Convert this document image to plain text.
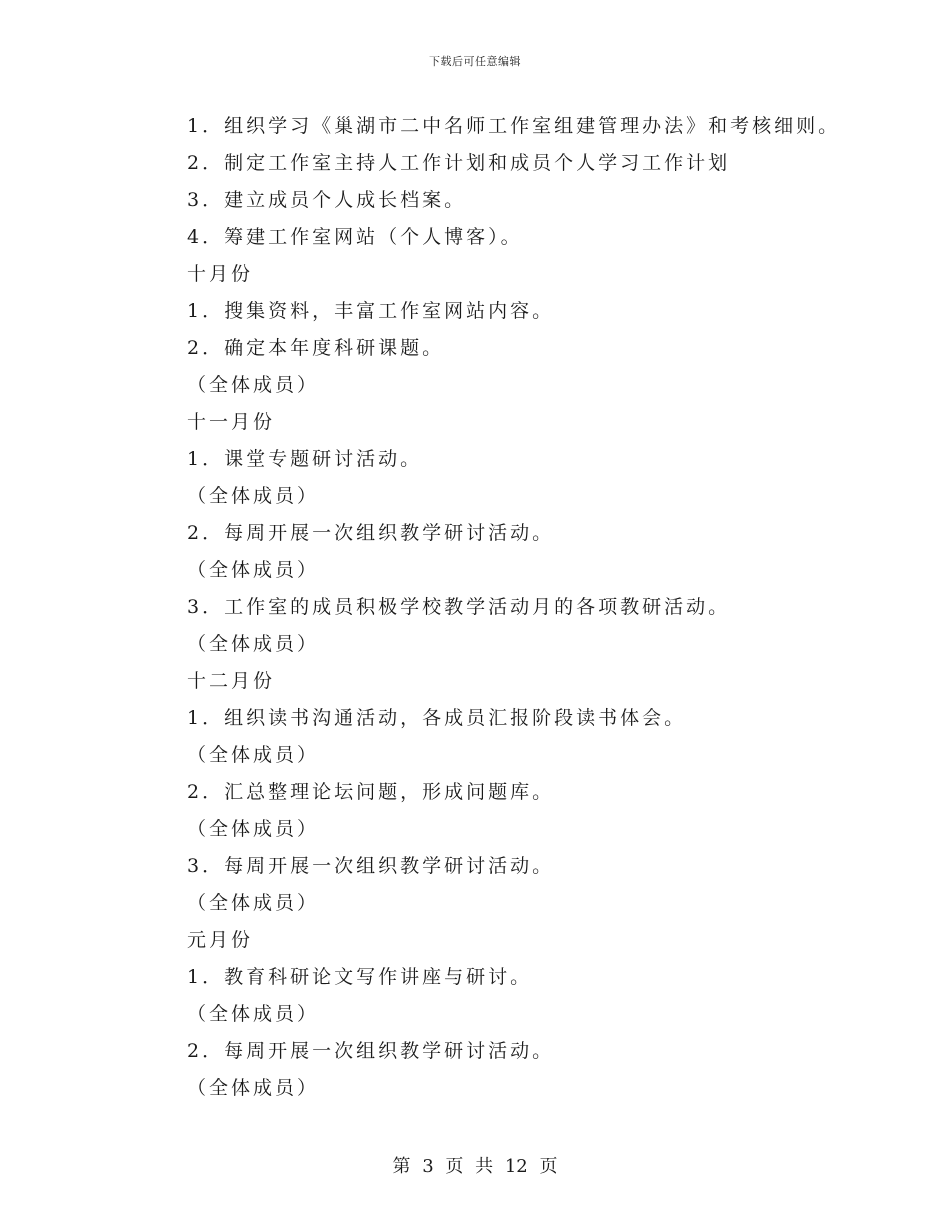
下载后可任意编辑
1．组织学习《巢湖市二中名师工作室组建管理办法》和考核细则。
2．制定工作室主持人工作计划和成员个人学习工作计划
3．建立成员个人成长档案。
4．筹建工作室网站（个人博客）。
十月份
1．搜集资料，丰富工作室网站内容。
2．确定本年度科研课题。
（全体成员）
十一月份
1．课堂专题研讨活动。
（全体成员）
2．每周开展一次组织教学研讨活动。
（全体成员）
3．工作室的成员积极学校教学活动月的各项教研活动。
（全体成员）
十二月份
1．组织读书沟通活动，各成员汇报阶段读书体会。
（全体成员）
2．汇总整理论坛问题，形成问题库。
（全体成员）
3．每周开展一次组织教学研讨活动。
（全体成员）
元月份
1．教育科研论文写作讲座与研讨。
（全体成员）
2．每周开展一次组织教学研讨活动。
（全体成员）
第 3 页 共 12 页
